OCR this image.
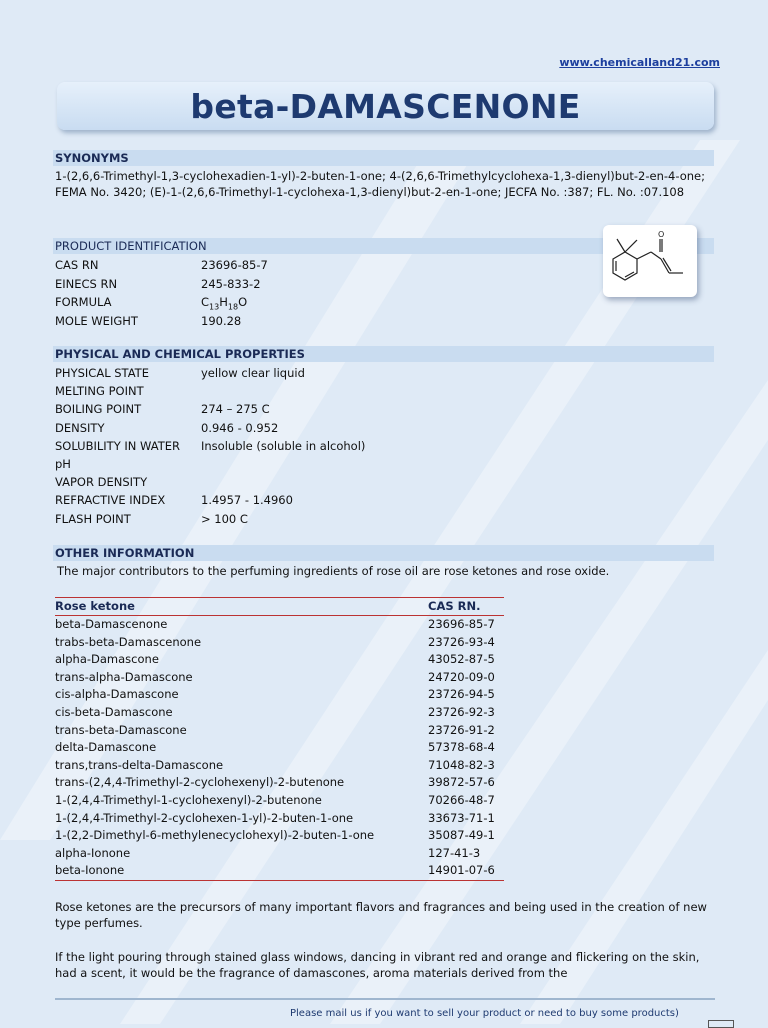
www.chemicalland21.com
beta-DAMASCENONE
SYNONYMS
1-(2,6,6-Trimethyl-1,3-cyclohexadien-1-yl)-2-buten-1-one; 4-(2,6,6-Trimethylcyclohexa-1,3-dienyl)but-2-en-4-one; FEMA No. 3420; (E)-1-(2,6,6-Trimethyl-1-cyclohexa-1,3-dienyl)but-2-en-1-one; JECFA No. :387; FL. No. :07.108
PRODUCT IDENTIFICATION
CAS RN	23696-85-7
EINECS RN	245-833-2
FORMULA	$C_{13}H_{18}O$
MOLE WEIGHT	190.28
O
PHYSICAL AND CHEMICAL PROPERTIES
PHYSICAL STATE	yellow clear liquid
MELTING POINT
BOILING POINT	274 – 275 C
DENSITY	0.946 - 0.952
SOLUBILITY IN WATER Insoluble (soluble in alcohol)
pH
VAPOR DENSITY
REFRACTIVE INDEX	1.4957 - 1.4960
FLASH POINT	> 100 C
OTHER INFORMATION
The major contributors to the perfuming ingredients of rose oil are rose ketones and rose oxide.
Rose ketone	CAS RN.
beta-Damascenone	23696-85-7
trabs-beta-Damascenone	23726-93-4
alpha-Damascone	43052-87-5
trans-alpha-Damascone	24720-09-0
cis-alpha-Damascone	23726-94-5
cis-beta-Damascone	23726-92-3
trans-beta-Damascone	23726-91-2
delta-Damascone	57378-68-4
trans,trans-delta-Damascone	71048-82-3
trans-(2,4,4-Trimethyl-2-cyclohexenyl)-2-butenone	39872-57-6
1-(2,4,4-Trimethyl-1-cyclohexenyl)-2-butenone	70266-48-7
1-(2,4,4-Trimethyl-2-cyclohexen-1-yl)-2-buten-1-one	33673-71-1
1-(2,2-Dimethyl-6-methylenecyclohexyl)-2-buten-1-one	35087-49-1
alpha-Ionone	127-41-3
beta-Ionone	14901-07-6
Rose ketones are the precursors of many important flavors and fragrances and being used in the creation of new type perfumes.
If the light pouring through stained glass windows, dancing in vibrant red and orange and flickering on the skin, had a scent, it would be the fragrance of damascones, aroma materials derived from the
Please mail us if you want to sell your product or need to buy some products)
